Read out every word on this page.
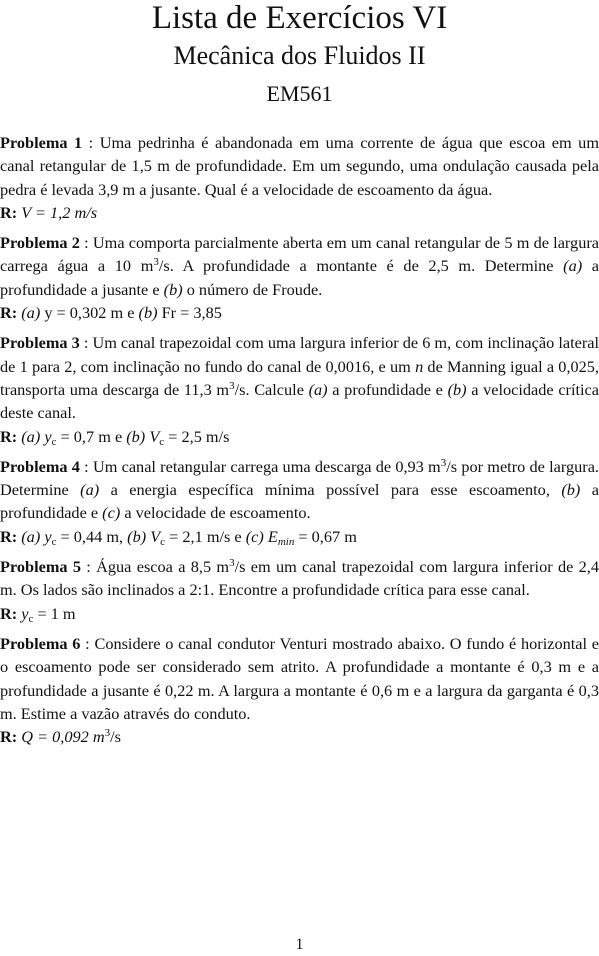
Lista de Exercícios VI
Mecânica dos Fluidos II
EM561
Problema 1 : Uma pedrinha é abandonada em uma corrente de água que escoa em um canal retangular de 1,5 m de profundidade. Em um segundo, uma ondulação causada pela pedra é levada 3,9 m a jusante. Qual é a velocidade de escoamento da água.
R: V = 1,2 m/s
Problema 2 : Uma comporta parcialmente aberta em um canal retangular de 5 m de largura carrega água a 10 $m^3/s$. A profundidade a montante é de 2,5 m. Determine (a) a profundidade a jusante e (b) o número de Froude.
R: (a) y = 0,302 m e (b) Fr = 3,85
Problema 3 : Um canal trapezoidal com uma largura inferior de 6 m, com inclinação lateral de 1 para 2, com inclinação no fundo do canal de 0,0016, e um n de Manning igual a 0,025, transporta uma descarga de 11,3 $m^3/s$. Calcule (a) a profundidade e (b) a velocidade crítica deste canal.
R: (a) $y_c = 0,7$ m e (b) $V_c = 2,5$ m/s
Problema 4 : Um canal retangular carrega uma descarga de 0,93 $m^3/s$ por metro de largura. Determine (a) a energia específica mínima possível para esse escoamento, (b) a profundidade e (c) a velocidade de escoamento.
R: (a) $y_c = 0,44$ m, (b) $V_c = 2,1$ m/s e (c) $E_{min} = 0,67$ m
Problema 5 : Água escoa a 8,5 $m^3/s$ em um canal trapezoidal com largura inferior de 2,4 m. Os lados são inclinados a 2:1. Encontre a profundidade crítica para esse canal.
R: $y_c = 1$ m
Problema 6 : Considere o canal condutor Venturi mostrado abaixo. O fundo é horizontal e o escoamento pode ser considerado sem atrito. A profundidade a montante é 0,3 m e a profundidade a jusante é 0,22 m. A largura a montante é 0,6 m e a largura da garganta é 0,3 m. Estime a vazão através do conduto.
R: Q = 0,092 $m^3/s$
1
